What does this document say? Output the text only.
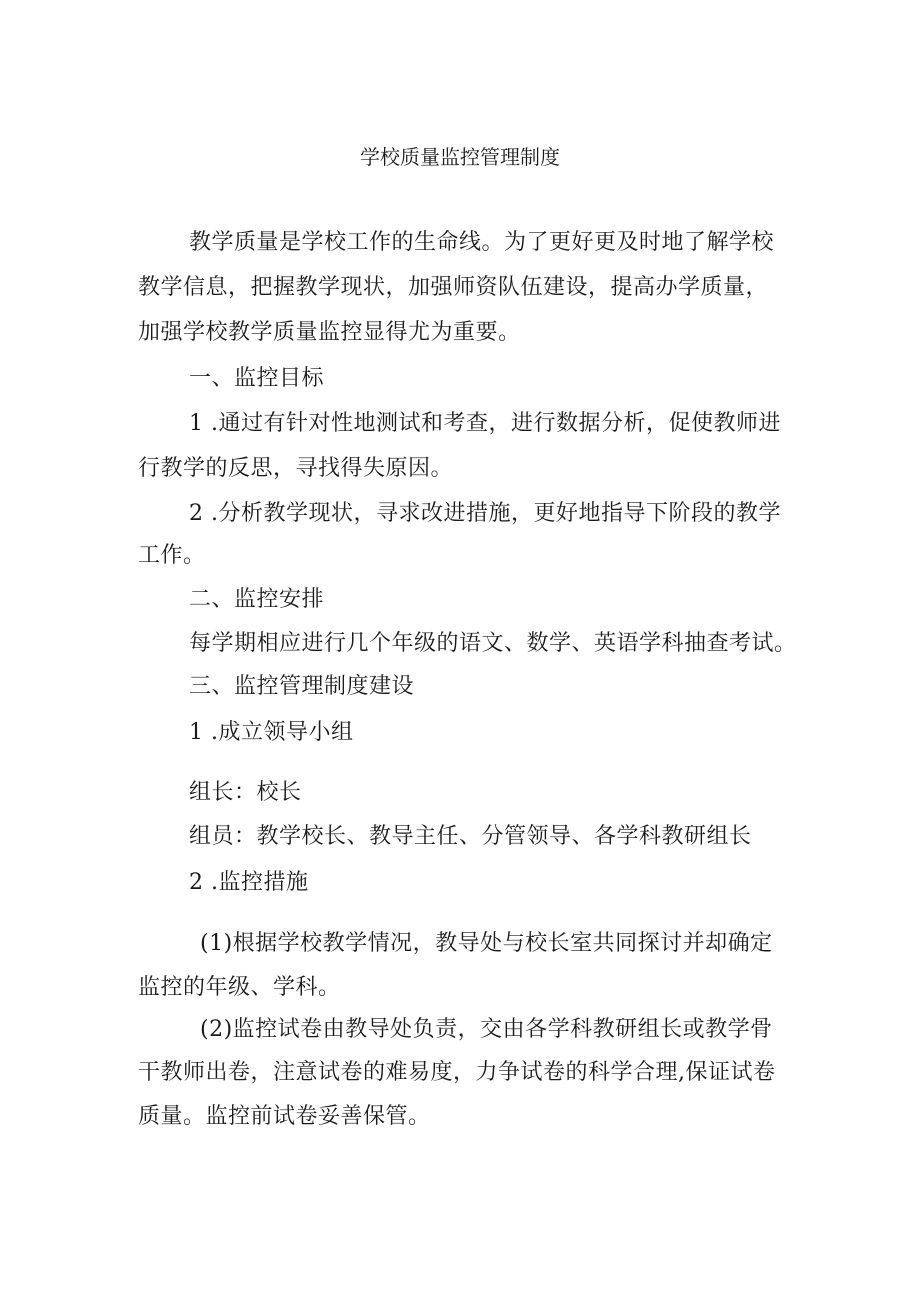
学校质量监控管理制度
教学质量是学校工作的生命线。为了更好更及时地了解学校
教学信息，把握教学现状，加强师资队伍建设，提高办学质量，
加强学校教学质量监控显得尤为重要。
一、监控目标
1 .通过有针对性地测试和考查，进行数据分析，促使教师进
行教学的反思，寻找得失原因。
2 .分析教学现状，寻求改进措施，更好地指导下阶段的教学
工作。
二、监控安排
每学期相应进行几个年级的语文、数学、英语学科抽查考试。
三、监控管理制度建设
1 .成立领导小组
组长：校长
组员：教学校长、教导主任、分管领导、各学科教研组长
2 .监控措施
(1)根据学校教学情况，教导处与校长室共同探讨并却确定
监控的年级、学科。
(2)监控试卷由教导处负责，交由各学科教研组长或教学骨
干教师出卷，注意试卷的难易度，力争试卷的科学合理,保证试卷
质量。监控前试卷妥善保管。
